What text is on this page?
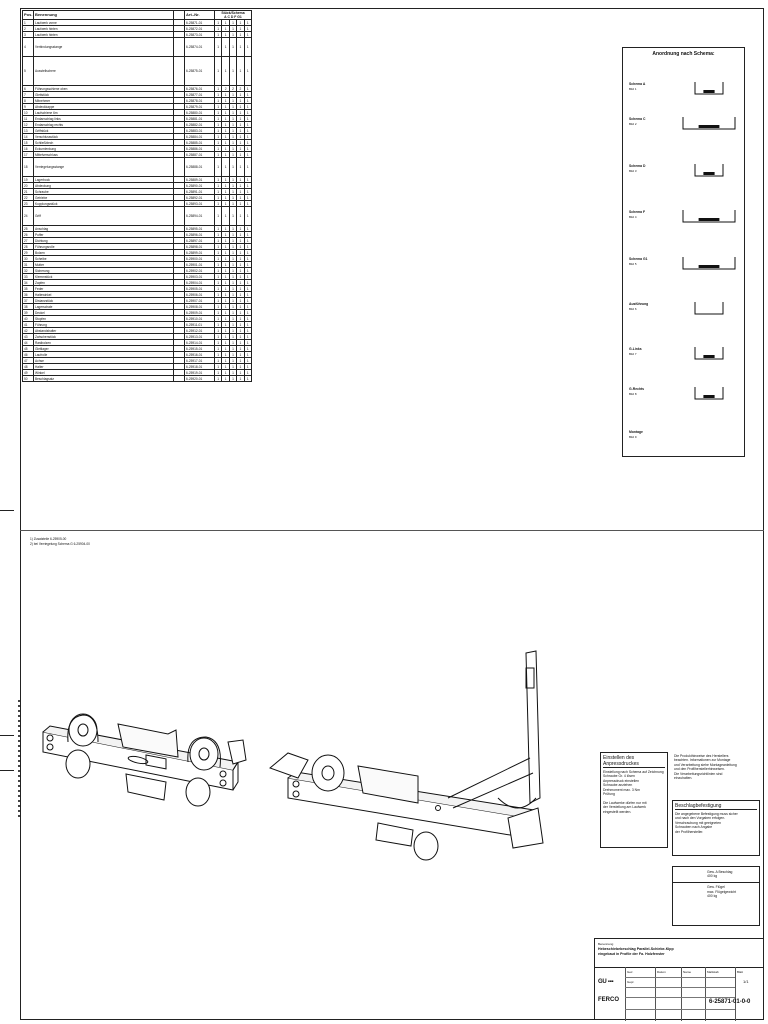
Pos.	Benennung		Art.-Nr.	Stück/Schema
A C D F G1				
1	Laufwerk vorne		6-25871-01	1	1	1	1	1
2	Laufwerk hinten		6-25872-01	1	1	1	1	1
3	Laufwerk hinten		6-25873-01	1	1	1	1	1
4	Verbindungsstange		6-25874-01	1	1	1	1	1
5	Ausstellschere		6-25875-01	1	1	1	1	1
6	Führungsschiene oben		6-25876-01	1	2	2	2	1
7	Gleitstück		6-25877-01	1	1	1	1	1
8	Mitnehmer		6-25878-01	1	1	1	1	1
9	Abdeckkappe		6-25879-01	1	1	1	1	1
10	Laufschiene 6m		6-25880-01	1	1	1	1	1
11	Endanschlag links		6-25881-01	1	1	1	1	1
12	Endanschlag rechts		6-25882-01	1	1	1	1	1
13	Griffstück		6-25883-01	1	1	1	1	1
14	Verschlussstück		6-25884-01	1	1	1	1	1
15	Schließblech		6-25885-01	1	1	1	1	1
16	Eckumlenkung		6-25886-01	1	1	1	1	1
17	Mittelverschluss		6-25887-01	1	1	1	1	1
18	Verriegelungsstange		6-25888-01	1	1	1	1	1
19	Lagerbock		6-25889-01	1	1	1	1	1
20	Abdeckung		6-25890-01	1	1	1	1	1
21	Schraube		6-25891-01	1	1	1	1	1
22	Getriebe		6-25892-01	1	1	1	1	1
23	Kupplungsstück		6-25893-01	1	1	1	1	1
24	Griff		6-25894-01	1	1	1	1	1
25	Anschlag		6-25895-01	1	1	1	1	1
26	Puffer		6-25896-01	1	1	1	1	1
27	Dichtung		6-25897-01	1	1	1	1	1
28	Führungsrolle		6-25898-01	1	1	1	1	1
29	Bolzen		6-25899-01	1	1	1	1	1
30	Scheibe		6-25900-01	1	1	1	1	1
31	Mutter		6-25901-01	1	1	1	1	1
32	Sicherung		6-25902-01	1	1	1	1	1
33	Klemmstück		6-25903-01	1	1	1	1	1
34	Zapfen		6-25904-01	1	1	1	1	1
35	Feder		6-25905-01	1	1	1	1	1
36	Haltewinkel		6-25906-01	1	1	1	1	1
37	Distanzstück		6-25907-01	1	1	1	1	1
38	Lagerschale		6-25908-01	1	1	1	1	1
39	Deckel		6-25909-01	1	1	1	1	1
40	Stopfen		6-25910-01	1	1	1	1	1
41	Führung		6-25911-01	1	1	1	1	1
42	Abstandshalter		6-25912-01	1	1	1	1	1
43	Zwischenstück		6-25913-01	1	1	1	1	1
44	Rastbolzen		6-25914-01	1	1	1	1	1
45	Gleitlager		6-25915-01	1	1	1	1	1
46	Laufrolle		6-25916-01	1	1	1	1	1
47	Achse		6-25917-01	1	1	1	1	1
48	Halter		6-25918-01	1	1	1	1	1
49	Winkel		6-25919-01	1	1	1	1	1
50	Beschlagsatz		6-25920-01	1	1	1	1	1
1) Zusatzteile 6-25905-00
2) bei Verriegelung Schema G 6-25904-00
Anordnung nach Schema:
Schema A
Bild 1
Schema C
Bild 2
Schema D
Bild 3
Schema F
Bild 4
Schema G1
Bild 5
Ausführung
Bild 6
G-Links
Bild 7
G-Rechts
Bild 8
Montage
Bild 9
Einstellen des Anpressdruckes
Einstellung nach Schema auf Zeichnung
Schraube Gr. 4 lösen
Anpressdruck einstellen
Schraube anziehen
Drehmoment max. 3 Nm
Prüfung
Die Laufwerke dürfen nur mit
der Verstellung am Laufwerk
eingestellt werden.
Die Produkthinweise des Herstellers
beachten. Informationen zur Montage
und Verarbeitung siehe Montageanleitung
und den Profilherstellerhinweisen.
Die Verarbeitungsrichtlinien sind
einzuhalten.
Beschlagbefestigung
Die angegebene Befestigung muss sicher
und nach den Vorgaben erfolgen.
Verschraubung mit geeigneten
Schrauben nach Angabe
der Profilhersteller.
Gew. A Beschlag
400 kg
Gew. Flügel
max. Flügelgewicht
400 kg
Benennung
Hebeschiebebeschlag Parallel-Schiebe-Kipp
eingebaut in Profile der Fa. Holzfenster
Gez.
Gepr.
Datum	Name	Maßstab	Blatt
GU ▪▪▪
FERCO
1/1
6-25871-01-0-0
